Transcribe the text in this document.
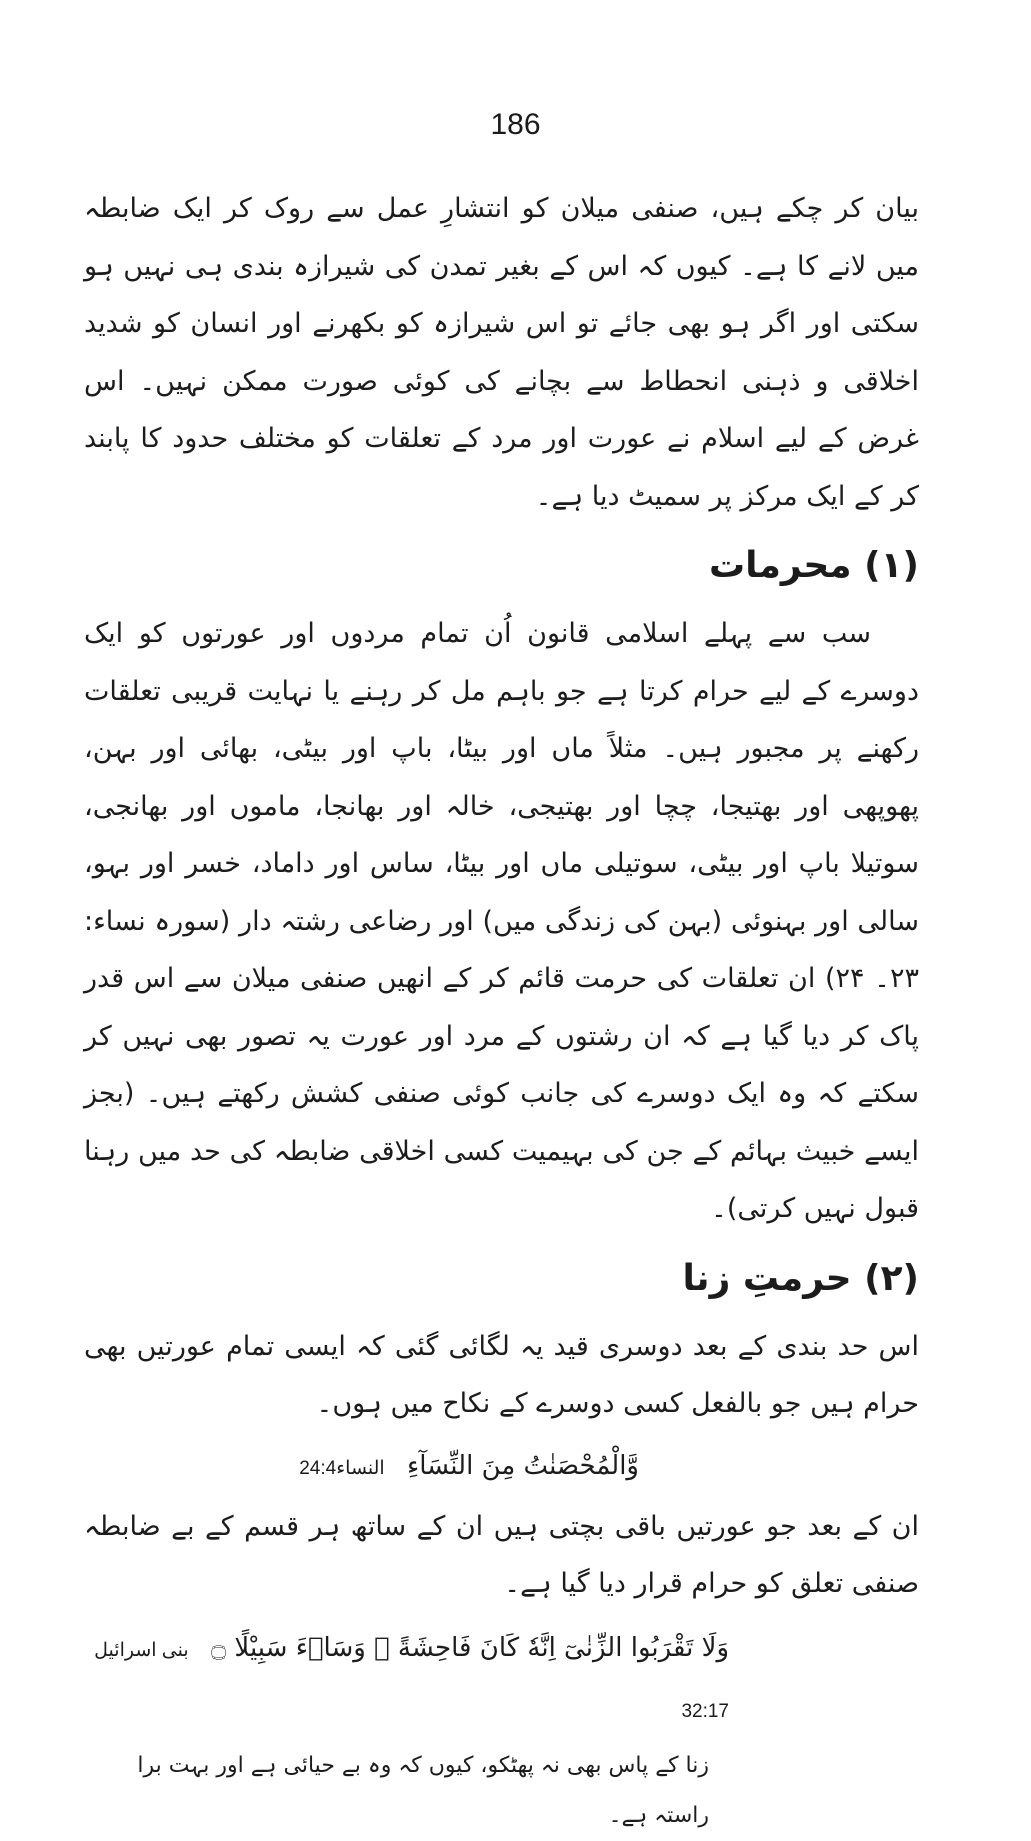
186

بیان کر چکے ہیں، صنفی میلان کو انتشارِ عمل سے روک کر ایک ضابطہ میں لانے کا ہے۔ کیوں کہ اس کے بغیر تمدن کی شیرازہ بندی ہی نہیں ہو سکتی اور اگر ہو بھی جائے تو اس شیرازہ کو بکھرنے اور انسان کو شدید اخلاقی و ذہنی انحطاط سے بچانے کی کوئی صورت ممکن نہیں۔ اس غرض کے لیے اسلام نے عورت اور مرد کے تعلقات کو مختلف حدود کا پابند کر کے ایک مرکز پر سمیٹ دیا ہے۔

(۱) محرمات

سب سے پہلے اسلامی قانون اُن تمام مردوں اور عورتوں کو ایک دوسرے کے لیے حرام کرتا ہے جو باہم مل کر رہنے یا نہایت قریبی تعلقات رکھنے پر مجبور ہیں۔ مثلاً ماں اور بیٹا، باپ اور بیٹی، بھائی اور بہن، پھوپھی اور بھتیجا، چچا اور بھتیجی، خالہ اور بھانجا، ماموں اور بھانجی، سوتیلا باپ اور بیٹی، سوتیلی ماں اور بیٹا، ساس اور داماد، خسر اور بہو، سالی اور بہنوئی (بہن کی زندگی میں) اور رضاعی رشتہ دار (سورہ نساء: ۲۳۔ ۲۴) ان تعلقات کی حرمت قائم کر کے انھیں صنفی میلان سے اس قدر پاک کر دیا گیا ہے کہ ان رشتوں کے مرد اور عورت یہ تصور بھی نہیں کر سکتے کہ وہ ایک دوسرے کی جانب کوئی صنفی کشش رکھتے ہیں۔ (بجز ایسے خبیث بہائم کے جن کی بہیمیت کسی اخلاقی ضابطہ کی حد میں رہنا قبول نہیں کرتی)۔

(۲) حرمتِ زنا

اس حد بندی کے بعد دوسری قید یہ لگائی گئی کہ ایسی تمام عورتیں بھی حرام ہیں جو بالفعل کسی دوسرے کے نکاح میں ہوں۔

وَّالْمُحْصَنٰتُ مِنَ النِّسَآءِ النساء24:4

ان کے بعد جو عورتیں باقی بچتی ہیں ان کے ساتھ ہر قسم کے بے ضابطہ صنفی تعلق کو حرام قرار دیا گیا ہے۔

وَلَا تَقْرَبُوا الزِّنٰىٓ اِنَّهٗ كَانَ فَاحِشَةً ۭ وَسَاۗءَ سَبِيْلًا ۝ بنی اسرائیل 32:17
زنا کے پاس بھی نہ پھٹکو، کیوں کہ وہ بے حیائی ہے اور بہت برا راستہ ہے۔
